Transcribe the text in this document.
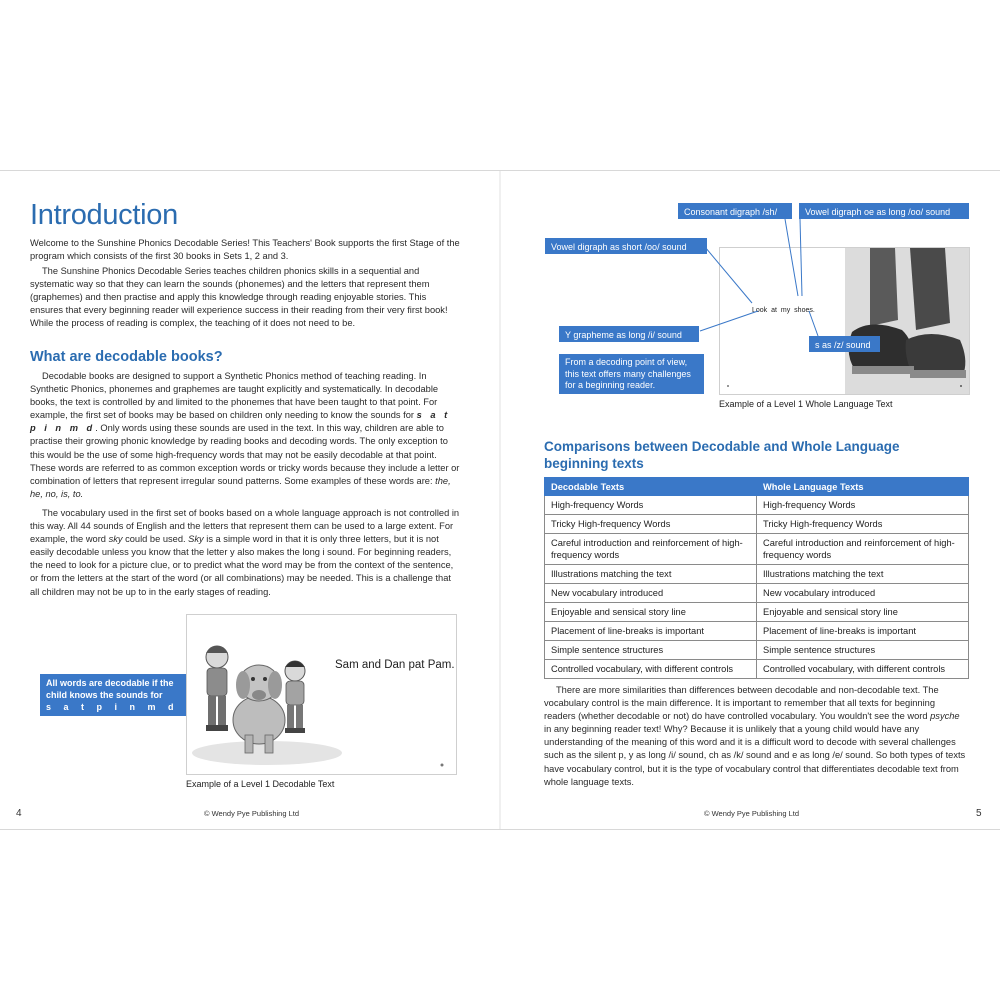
Introduction

Welcome to the Sunshine Phonics Decodable Series! This Teachers' Book supports the first Stage of the program which consists of the first 30 books in Sets 1, 2 and 3.

The Sunshine Phonics Decodable Series teaches children phonics skills in a sequential and systematic way so that they can learn the sounds (phonemes) and the letters that represent them (graphemes) and then practise and apply this knowledge through reading enjoyable stories. This ensures that every beginning reader will experience success in their reading from their very first book! While the process of reading is complex, the teaching of it does not need to be.

What are decodable books?

Decodable books are designed to support a Synthetic Phonics method of teaching reading. In Synthetic Phonics, phonemes and graphemes are taught explicitly and systematically. In decodable books, the text is controlled by and limited to the phonemes that have been taught to that point. For example, the first set of books may be based on children only needing to know the sounds for s a t p i n m d. Only words using these sounds are used in the text. In this way, children are able to practise their growing phonic knowledge by reading books and decoding words. The only exception to this would be the use of some high-frequency words that may not be easily decodable at that point. These words are referred to as common exception words or tricky words because they include a letter or combination of letters that represent irregular sound patterns. Some examples of these words are: the, he, no, is, to.

The vocabulary used in the first set of books based on a whole language approach is not controlled in this way. All 44 sounds of English and the letters that represent them can be used to a large extent. For example, the word sky could be used. Sky is a simple word in that it is only three letters, but it is not easily decodable unless you know that the letter y also makes the long i sound. For beginning readers, the need to look for a picture clue, or to predict what the word may be from the context of the sentence, or from the letters at the start of the word (or all combinations) may be needed. This is a challenge that all children may not be up to in the early stages of reading.

Sam and Dan pat Pam.
All words are decodable if the
child knows the sounds for
s a t p i n m d
Example of a Level 1 Decodable Text
4	© Wendy Pye Publishing Ltd
Look at my shoes.
Consonant digraph /sh/	Vowel digraph oe as long /oo/ sound
Vowel digraph as short /oo/ sound
Y grapheme as long /i/ sound
s as /z/ sound
From a decoding point of view, this text offers many challenges for a beginning reader.
Example of a Level 1 Whole Language Text
Comparisons between Decodable and Whole Language beginning texts
Decodable Texts	Whole Language Texts
High-frequency Words	High-frequency Words
Tricky High-frequency Words	Tricky High-frequency Words
Careful introduction and reinforcement of high-frequency words	Careful introduction and reinforcement of high-frequency words
Illustrations matching the text	Illustrations matching the text
New vocabulary introduced	New vocabulary introduced
Enjoyable and sensical story line	Enjoyable and sensical story line
Placement of line-breaks is important	Placement of line-breaks is important
Simple sentence structures	Simple sentence structures
Controlled vocabulary, with different controls	Controlled vocabulary, with different controls

There are more similarities than differences between decodable and non-decodable text. The vocabulary control is the main difference. It is important to remember that all texts for beginning readers (whether decodable or not) do have controlled vocabulary. You wouldn't see the word psyche in any beginning reader text! Why? Because it is unlikely that a young child would have any understanding of the meaning of this word and it is a difficult word to decode with several challenges such as the silent p, y as long /i/ sound, ch as /k/ sound and e as long /e/ sound. So both types of texts have vocabulary control, but it is the type of vocabulary control that differentiates decodable text from whole language texts.

© Wendy Pye Publishing Ltd	5
